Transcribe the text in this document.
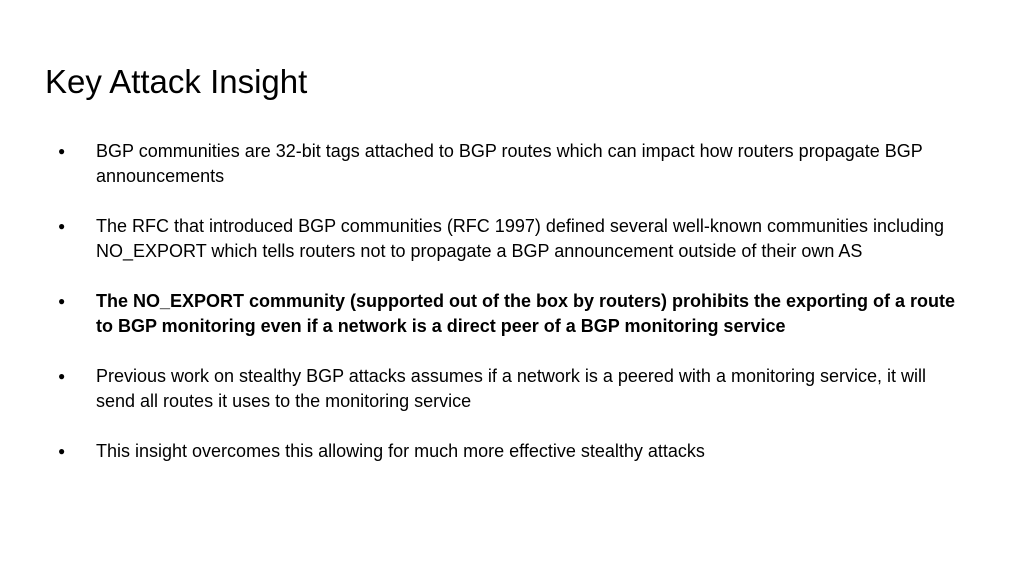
Key Attack Insight
●	BGP communities are 32-bit tags attached to BGP routes which can impact how routers propagate BGP announcements
●	The RFC that introduced BGP communities (RFC 1997) defined several well-known communities including NO_EXPORT which tells routers not to propagate a BGP announcement outside of their own AS
●	The NO_EXPORT community (supported out of the box by routers) prohibits the exporting of a route to BGP monitoring even if a network is a direct peer of a BGP monitoring service
●	Previous work on stealthy BGP attacks assumes if a network is a peered with a monitoring service, it will send all routes it uses to the monitoring service
●	This insight overcomes this allowing for much more effective stealthy attacks
